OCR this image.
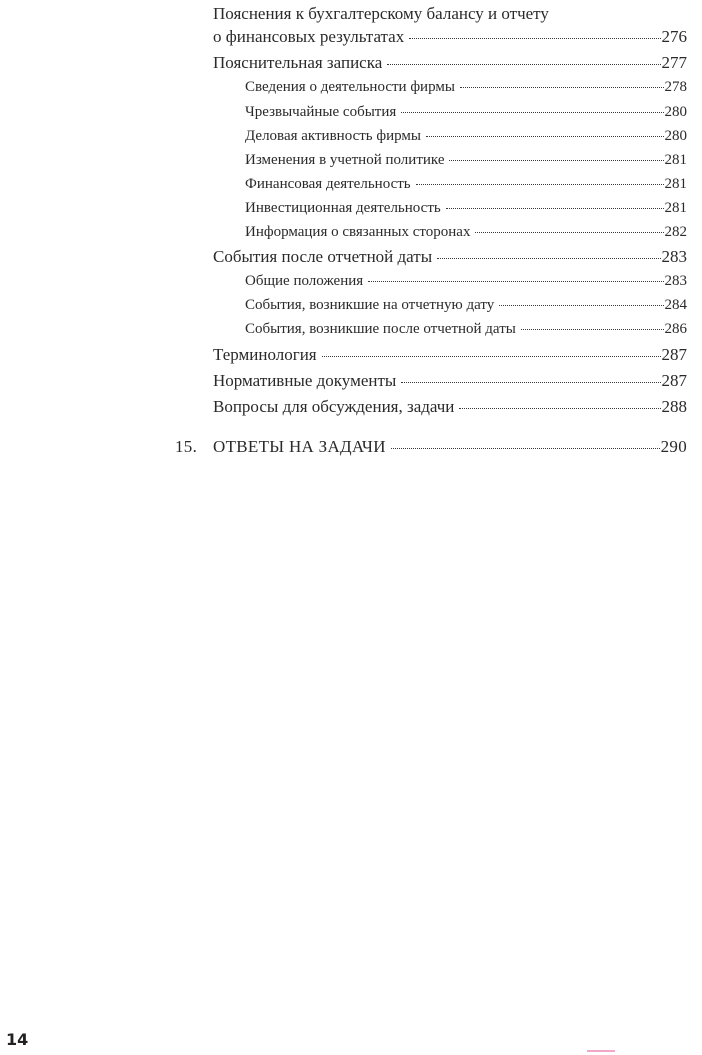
Пояснения к бухгалтерскому балансу и отчету
о финансовых результатах	276
Пояснительная записка	277
Сведения о деятельности фирмы	278
Чрезвычайные события	280
Деловая активность фирмы	280
Изменения в учетной политике	281
Финансовая деятельность	281
Инвестиционная деятельность	281
Информация о связанных сторонах	282
События после отчетной даты	283
Общие положения	283
События, возникшие на отчетную дату	284
События, возникшие после отчетной даты	286
Терминология	287
Нормативные документы	287
Вопросы для обсуждения, задачи	288
15. ОТВЕТЫ НА ЗАДАЧИ	290
14
